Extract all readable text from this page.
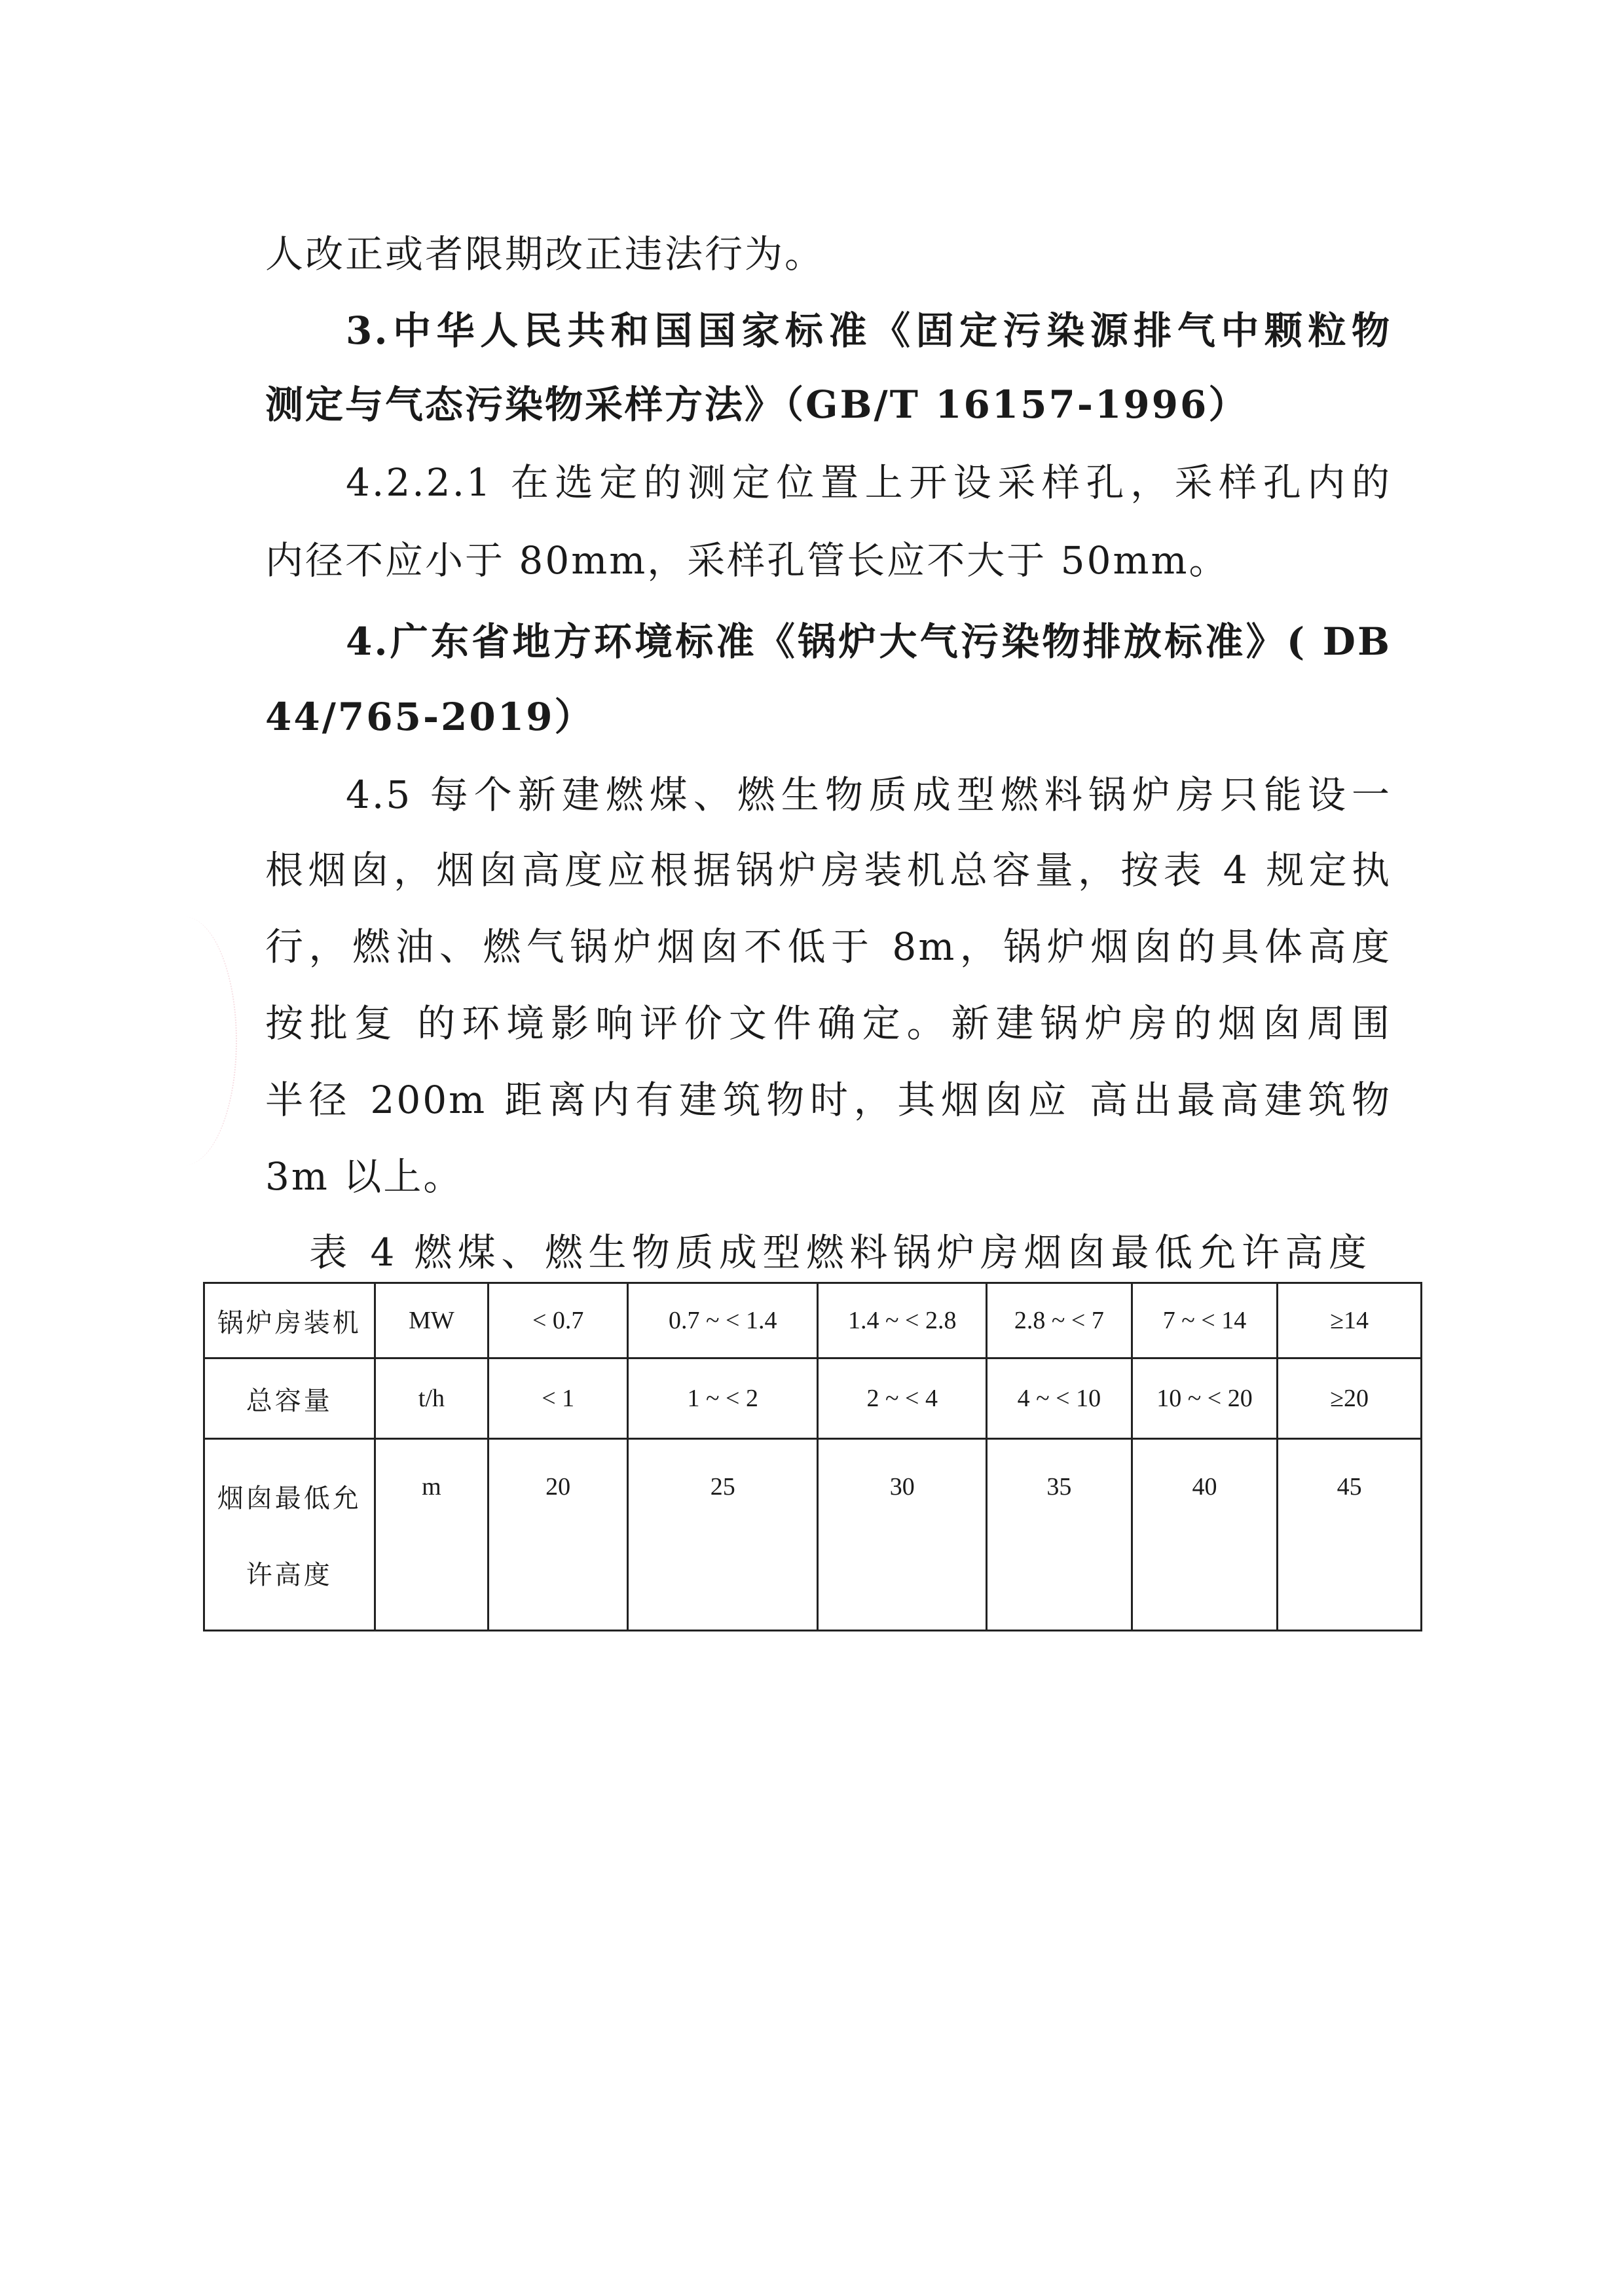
人改正或者限期改正违法行为。
3.中华人民共和国国家标准《固定污染源排气中颗粒物
测定与气态污染物采样方法》（GB/T 16157-1996）
4.2.2.1 在选定的测定位置上开设采样孔，采样孔内的
内径不应小于 80mm，采样孔管长应不大于 50mm。
4.广东省地方环境标准《锅炉大气污染物排放标准》( DB
44/765-2019）
4.5 每个新建燃煤、燃生物质成型燃料锅炉房只能设一
根烟囱，烟囱高度应根据锅炉房装机总容量，按表 4 规定执
行，燃油、燃气锅炉烟囱不低于 8m，锅炉烟囱的具体高度
按批复 的环境影响评价文件确定。新建锅炉房的烟囱周围
半径 200m 距离内有建筑物时，其烟囱应 高出最高建筑物
3m 以上。
表 4 燃煤、燃生物质成型燃料锅炉房烟囱最低允许高度
锅炉房装机	MW	< 0.7	0.7 ~ < 1.4	1.4 ~ < 2.8	2.8 ~ < 7	7 ~ < 14	≥14
总容量	t/h	< 1	1 ~ < 2	2 ~ < 4	4 ~ < 10	10 ~ < 20	≥20

烟囱最低允
许高度	m	20	25	30	35	40	45
